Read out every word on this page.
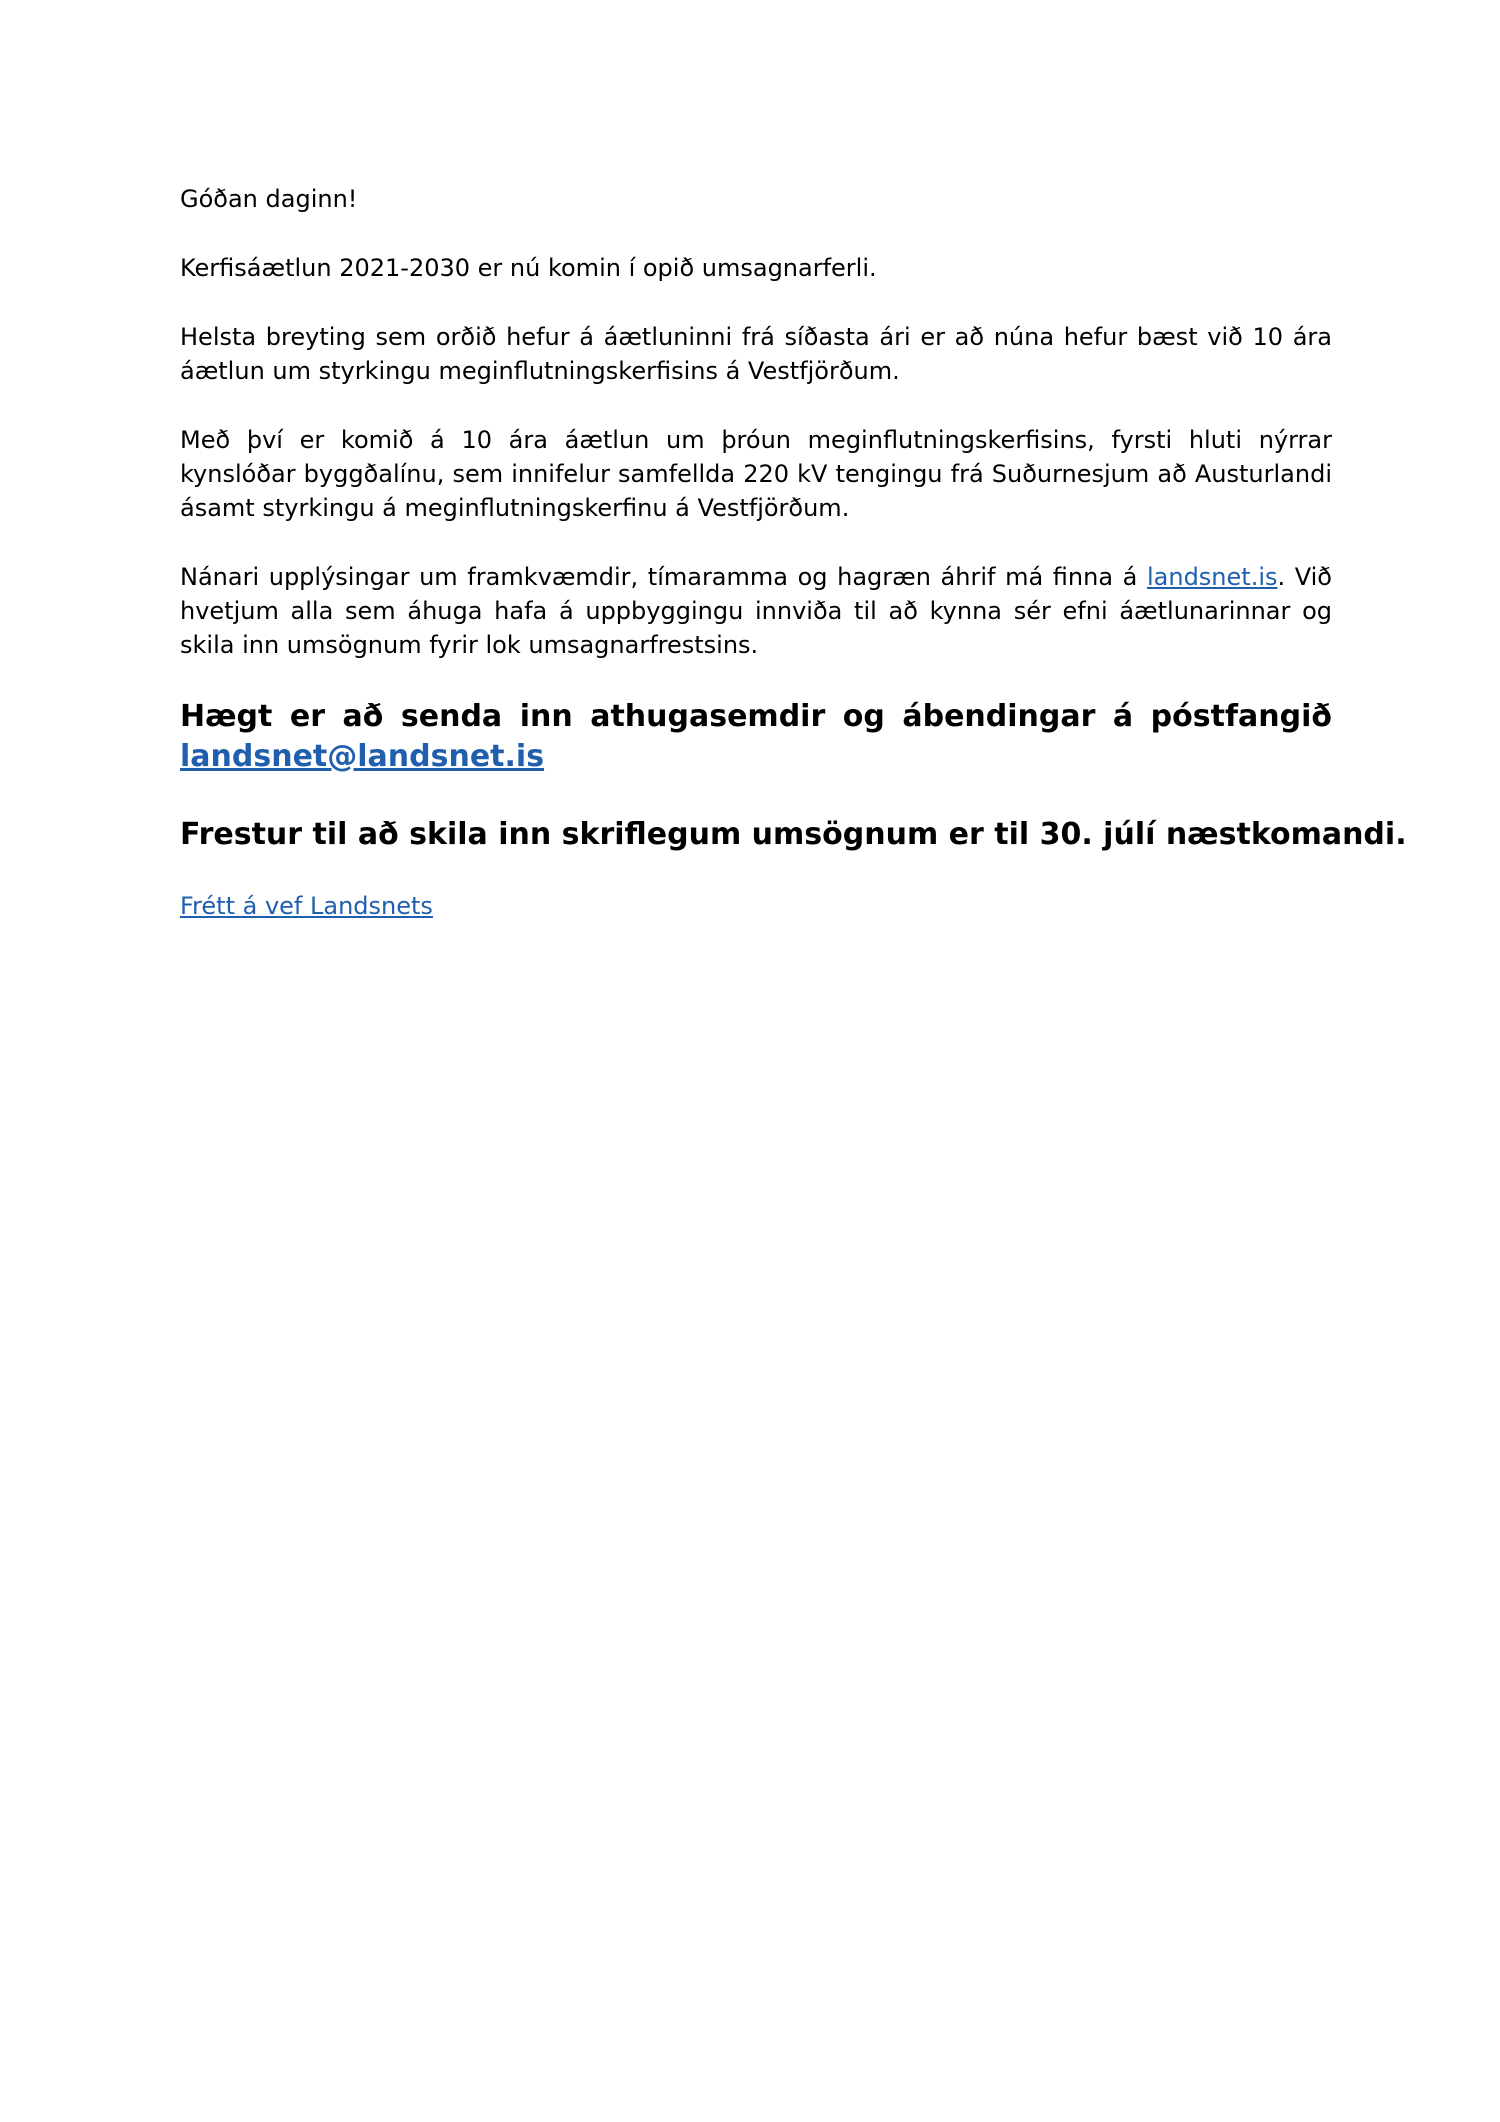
Góðan daginn!

Kerfisáætlun 2021-2030 er nú komin í opið umsagnarferli.

Helsta breyting sem orðið hefur á áætluninni frá síðasta ári er að núna hefur bæst við 10 ára áætlun um styrkingu meginflutningskerfisins á Vestfjörðum.

Með því er komið á 10 ára áætlun um þróun meginflutningskerfisins, fyrsti hluti nýrrar kynslóðar byggðalínu, sem innifelur samfellda 220 kV tengingu frá Suðurnesjum að Austurlandi ásamt styrkingu á meginflutningskerfinu á Vestfjörðum.

Nánari upplýsingar um framkvæmdir, tímaramma og hagræn áhrif má finna á landsnet.is. Við hvetjum alla sem áhuga hafa á uppbyggingu innviða til að kynna sér efni áætlunarinnar og skila inn umsögnum fyrir lok umsagnarfrestsins.

Hægt er að senda inn athugasemdir og ábendingar á póstfangið landsnet@landsnet.is

Frestur til að skila inn skriflegum umsögnum er til 30. júlí næstkomandi.

Frétt á vef Landsnets
